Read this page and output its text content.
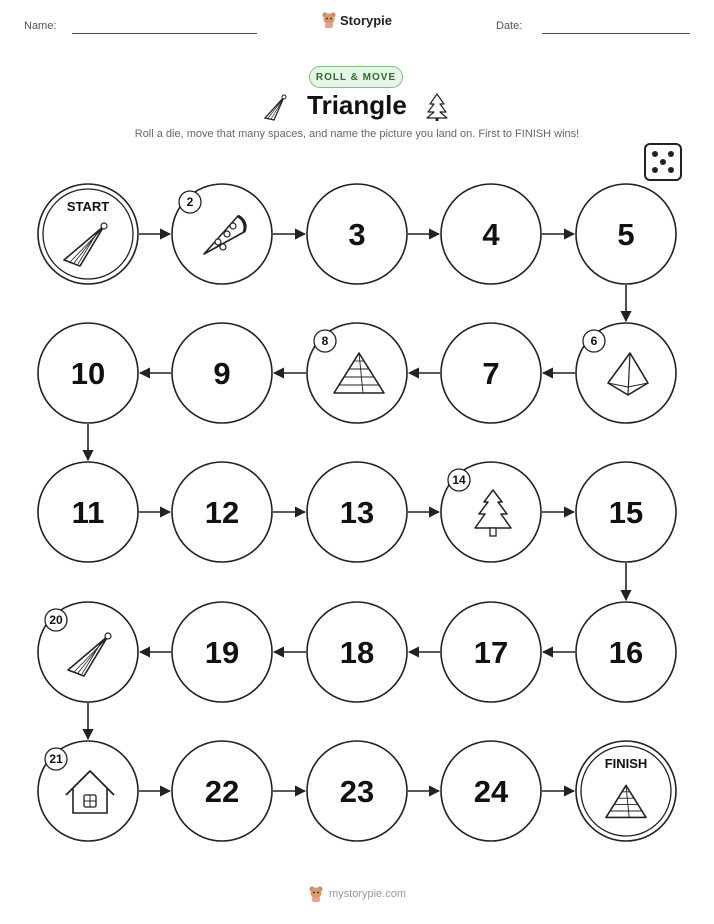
Name:	Storypie	Date:
ROLL & MOVE
Triangle
Roll a die, move that many spaces, and name the picture you land on. First to FINISH wins!
START	2
3	4	5
6
7
8
9
10
11	12	13
14
15
16
17
18
19
20
21
22	23	24
FINISH
mystorypie.com
